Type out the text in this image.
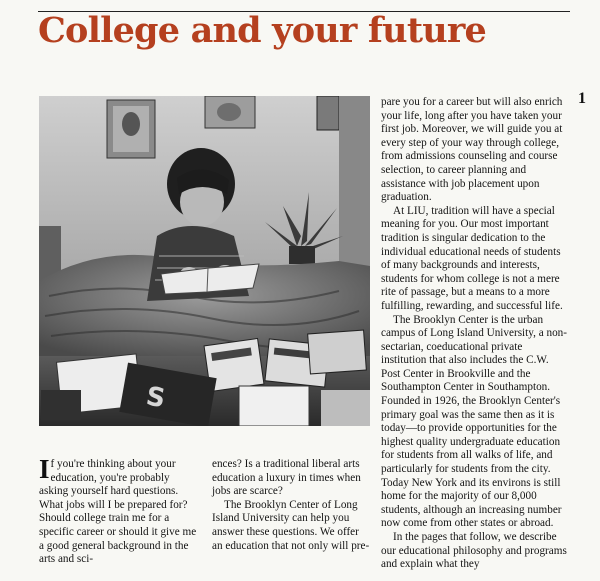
College and your future
1
S

If you're thinking about your education, you're probably asking yourself hard questions. What jobs will I be prepared for? Should college train me for a specific career or should it give me a good general background in the arts and sci-

ences? Is a traditional liberal arts education a luxury in times when jobs are scarce?

The Brooklyn Center of Long Island University can help you answer these questions. We offer an education that not only will pre-

pare you for a career but will also enrich your life, long after you have taken your first job. Moreover, we will guide you at every step of your way through college, from admissions counseling and course selection, to career planning and assistance with job placement upon graduation.

At LIU, tradition will have a special meaning for you. Our most important tradition is singular dedication to the individual educational needs of students of many backgrounds and interests, students for whom college is not a mere rite of passage, but a means to a more fulfilling, rewarding, and successful life.

The Brooklyn Center is the urban campus of Long Island University, a non-sectarian, coeducational private institution that also includes the C.W. Post Center in Brookville and the Southampton Center in Southampton. Founded in 1926, the Brooklyn Center's primary goal was the same then as it is today—to provide opportunities for the highest quality undergraduate education for students from all walks of life, and particularly for students from the city. Today New York and its environs is still home for the majority of our 8,000 students, although an increasing number now come from other states or abroad.

In the pages that follow, we describe our educational philosophy and programs and explain what they
